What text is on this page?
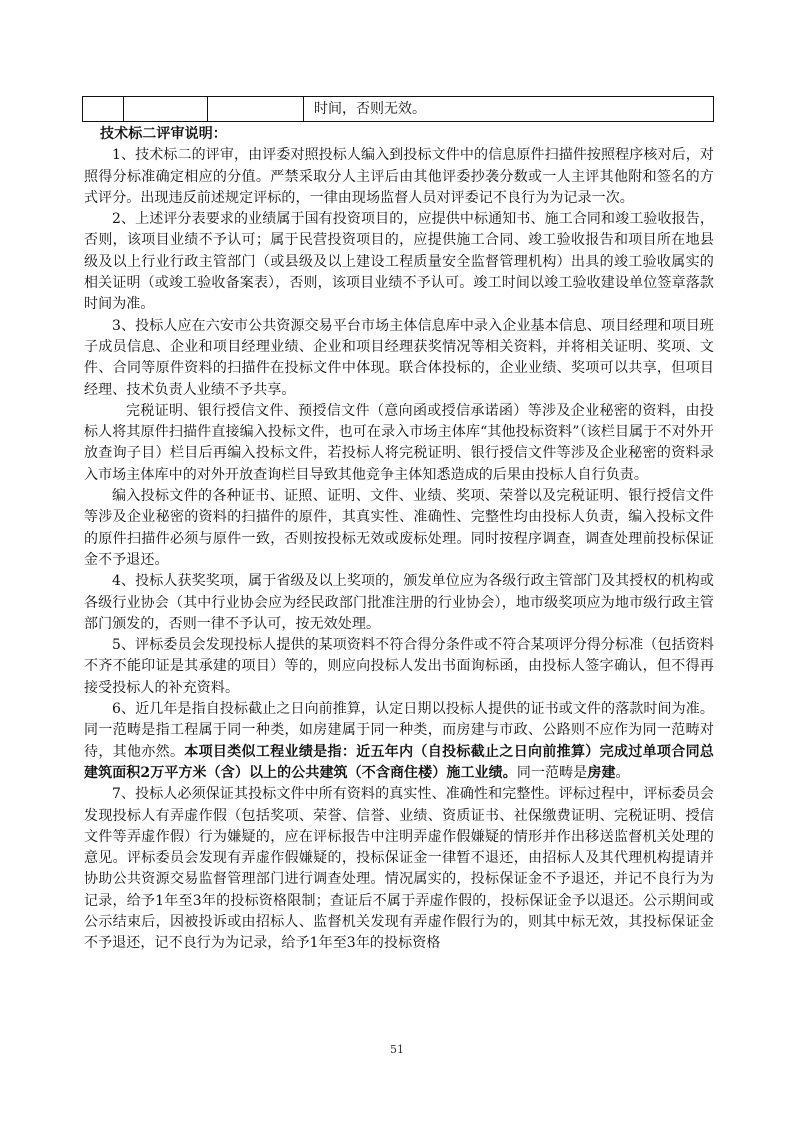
			时间，否则无效。

技术标二评审说明：

1、技术标二的评审，由评委对照投标人编入到投标文件中的信息原件扫描件按照程序核对后，对照得分标准确定相应的分值。严禁采取分人主评后由其他评委抄袭分数或一人主评其他附和签名的方式评分。出现违反前述规定评标的，一律由现场监督人员对评委记不良行为为记录一次。

2、上述评分表要求的业绩属于国有投资项目的，应提供中标通知书、施工合同和竣工验收报告，否则，该项目业绩不予认可；属于民营投资项目的，应提供施工合同、竣工验收报告和项目所在地县级及以上行业行政主管部门（或县级及以上建设工程质量安全监督管理机构）出具的竣工验收属实的相关证明（或竣工验收备案表），否则，该项目业绩不予认可。竣工时间以竣工验收建设单位签章落款时间为准。

3、投标人应在六安市公共资源交易平台市场主体信息库中录入企业基本信息、项目经理和项目班子成员信息、企业和项目经理业绩、企业和项目经理获奖情况等相关资料，并将相关证明、奖项、文件、合同等原件资料的扫描件在投标文件中体现。联合体投标的，企业业绩、奖项可以共享，但项目经理、技术负责人业绩不予共享。

完税证明、银行授信文件、预授信文件（意向函或授信承诺函）等涉及企业秘密的资料，由投标人将其原件扫描件直接编入投标文件，也可在录入市场主体库“其他投标资料”（该栏目属于不对外开放查询子目）栏目后再编入投标文件，若投标人将完税证明、银行授信文件等涉及企业秘密的资料录入市场主体库中的对外开放查询栏目导致其他竞争主体知悉造成的后果由投标人自行负责。

编入投标文件的各种证书、证照、证明、文件、业绩、奖项、荣誉以及完税证明、银行授信文件等涉及企业秘密的资料的扫描件的原件，其真实性、准确性、完整性均由投标人负责，编入投标文件的原件扫描件必须与原件一致，否则按投标无效或废标处理。同时按程序调查，调查处理前投标保证金不予退还。

4、投标人获奖奖项，属于省级及以上奖项的，颁发单位应为各级行政主管部门及其授权的机构或各级行业协会（其中行业协会应为经民政部门批准注册的行业协会），地市级奖项应为地市级行政主管部门颁发的，否则一律不予认可，按无效处理。

5、评标委员会发现投标人提供的某项资料不符合得分条件或不符合某项评分得分标准（包括资料不齐不能印证是其承建的项目）等的，则应向投标人发出书面询标函，由投标人签字确认，但不得再接受投标人的补充资料。

6、近几年是指自投标截止之日向前推算，认定日期以投标人提供的证书或文件的落款时间为准。同一范畴是指工程属于同一种类，如房建属于同一种类，而房建与市政、公路则不应作为同一范畴对待，其他亦然。本项目类似工程业绩是指：近五年内（自投标截止之日向前推算）完成过单项合同总建筑面积2万平方米（含）以上的公共建筑（不含商住楼）施工业绩。同一范畴是房建。

7、投标人必须保证其投标文件中所有资料的真实性、准确性和完整性。评标过程中，评标委员会发现投标人有弄虚作假（包括奖项、荣誉、信誉、业绩、资质证书、社保缴费证明、完税证明、授信文件等弄虚作假）行为嫌疑的，应在评标报告中注明弄虚作假嫌疑的情形并作出移送监督机关处理的意见。评标委员会发现有弄虚作假嫌疑的，投标保证金一律暂不退还，由招标人及其代理机构提请并协助公共资源交易监督管理部门进行调查处理。情况属实的，投标保证金不予退还，并记不良行为为记录，给予1年至3年的投标资格限制；查证后不属于弄虚作假的，投标保证金予以退还。公示期间或公示结束后，因被投诉或由招标人、监督机关发现有弄虚作假行为的，则其中标无效，其投标保证金不予退还，记不良行为为记录，给予1年至3年的投标资格

51
